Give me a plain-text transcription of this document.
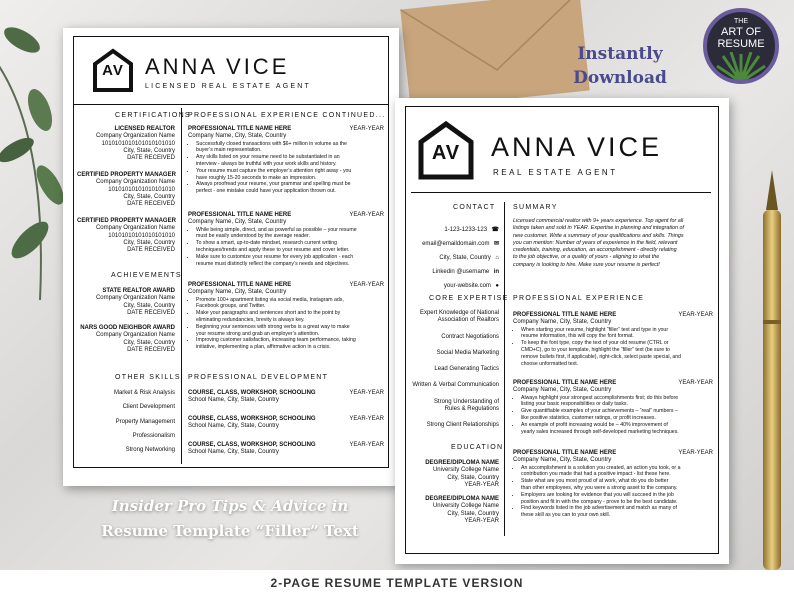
THE
ART OF
RESUME
Instantly
Download
AV ANNA VICE
LICENSED REAL ESTATE AGENT
CERTIFICATIONS
LICENSED REALTOR
Company Organization Name
1010101010101010101010
City, State, Country
DATE RECEIVED
CERTIFIED PROPERTY MANAGER
Company Organization Name
10101010101010101010
City, State, Country
DATE RECEIVED
CERTIFIED PROPERTY MANAGER
Company Organization Name
10101010101010101010
City, State, Country
DATE RECEIVED
ACHIEVEMENTS
STATE REALTOR AWARD
Company Organization Name
City, State, Country
DATE RECEIVED
NARS GOOD NEIGHBOR AWARD
Company Organization Name
City, State, Country
DATE RECEIVED
OTHER SKILLS
Market & Risk Analysis
Client Development
Property Management
Professionalism
Strong Networking
PROFESSIONAL EXPERIENCE CONTINUED...
PROFESSIONAL TITLE NAME HERE	YEAR-YEAR
Company Name, City, State, Country
• Successfully closed transactions with $6+ million in volume as the
buyer’s main representation.
• Any skills listed on your resume need to be substantiated in an
interview - always be truthful with your work skills and history.
• Your resume must capture the employer’s attention right away - you
have roughly 15-20 seconds to make an impression.
• Always proofread your resume, your grammar and spelling must be
perfect - one mistake could have your application thrown out.
PROFESSIONAL TITLE NAME HERE	YEAR-YEAR
Company Name, City, State, Country
• While being simple, direct, and as powerful as possible – your resume
must be easily understood by the average reader.
• To show a smart, up-to-date mindset, research current writing
techniques/trends and apply these to your resume and cover letter.
• Make sure to customize your resume for every job application - each
resume must distinctly reflect the company’s needs and objectives.
PROFESSIONAL TITLE NAME HERE	YEAR-YEAR
Company Name, City, State, Country
• Promote 100+ apartment listing via social media, Instagram ads,
Facebook groups, and Twitter.
• Make your paragraphs and sentences short and to the point by
eliminating redundancies, brevity is always key.
• Beginning your sentences with strong verbs is a great way to make
your resume strong and grab an employer’s attention.
• Improving customer satisfaction, increasing team performance, taking
initiative, implementing a plan, affirmative action in a crisis.
PROFESSIONAL DEVELOPMENT
COURSE, CLASS, WORKSHOP, SCHOOLING	YEAR-YEAR
School Name, City, State, Country
COURSE, CLASS, WORKSHOP, SCHOOLING	YEAR-YEAR
School Name, City, State, Country
COURSE, CLASS, WORKSHOP, SCHOOLING	YEAR-YEAR
School Name, City, State, Country
Insider Pro Tips & Advice in
Resume Template “Filler” Text
AV	ANNA VICE
REAL ESTATE AGENT
CONTACT
1-123-1233-123 ☎
email@emaildomain.com ✉
City, State, Country ⌂
Linkedin @username in
your-website.com ●
CORE EXPERTISE
Expert Knowledge of National
Association of Realtors
Contract Negotiations
Social Media Marketing
Lead Generating Tactics
Written & Verbal Communication
Strong Understanding of
Rules & Regulations
Strong Client Relationships
EDUCATION
DEGREE/DIPLOMA NAME
University College Name
City, State, Country
YEAR-YEAR
DEGREE/DIPLOMA NAME
University College Name
City, State, Country
YEAR-YEAR
SUMMARY
Licensed commercial realtor with 9+ years experience. Top agent for all
listings taken and sold in YEAR. Expertise in planning and integration of
new customer. Write a summary of your qualifications and skills. Things
you can mention: Number of years of experience in the field, relevant
credentials, training, education, an accomplishment - directly relating
to the job objective, or a quality of yours - aligning to what the
company is looking to hire. Make sure your resume is perfect!
PROFESSIONAL EXPERIENCE
PROFESSIONAL TITLE NAME HERE	YEAR-YEAR
Company Name, City, State, Country
• When starting your resume, highlight “filler” text and type in your
resume information, this will copy the font format.
• To keep the font type, copy the text of your old resume (CTRL or
CMD+C), go to your template, highlight the “filler” text (be sure to
remove bullets first, if applicable), right-click, select paste special, and
choose unformatted text.
PROFESSIONAL TITLE NAME HERE	YEAR-YEAR
Company Name, City, State, Country
• Always highlight your strongest accomplishments first; do this before
listing your basic responsibilities or daily tasks.
• Give quantifiable examples of your achievements – “real” numbers –
like positive statistics, customer ratings, or profit increases.
• An example of profit increasing would be – 40% improvement of
yearly sales increased through self-developed marketing techniques.
PROFESSIONAL TITLE NAME HERE	YEAR-YEAR
Company Name, City, State, Country
• An accomplishment is a solution you created, an action you took, or a
contribution you made that had a positive impact - list these here.
• State what are you most proud of at work, what do you do better
than other employees, why you were a strong asset to the company.
• Employers are looking for evidence that you will succeed in the job
position and fit in with the company - prove to be the best candidate.
• Find keywords listed in the job advertisement and match as many of
these skill as you can to your own skill.
2-PAGE RESUME TEMPLATE VERSION
